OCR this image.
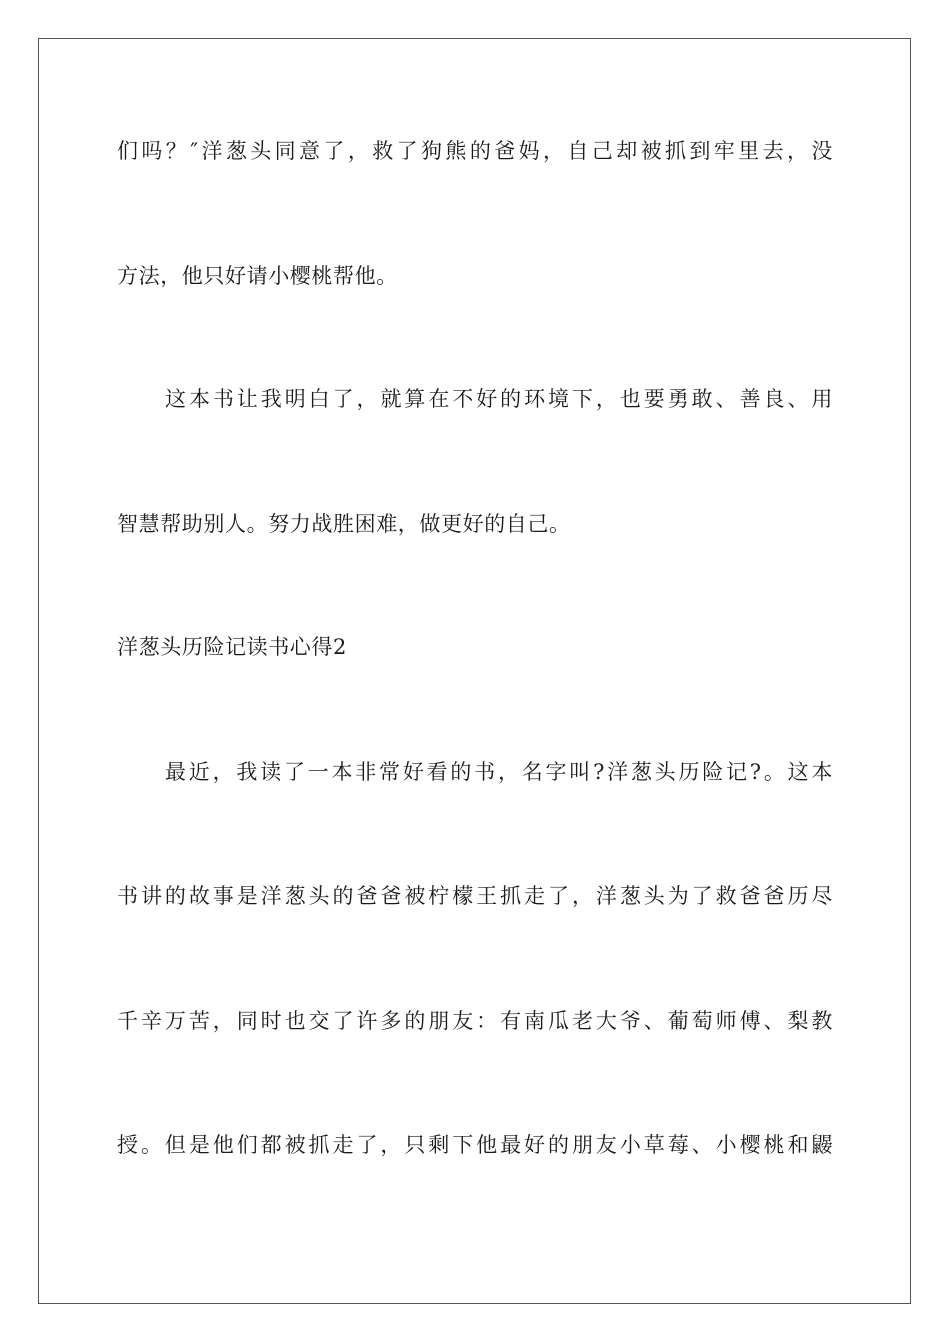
们吗？″洋葱头同意了，救了狗熊的爸妈，自己却被抓到牢里去，没
方法，他只好请小樱桃帮他。
这本书让我明白了，就算在不好的环境下，也要勇敢、善良、用
智慧帮助别人。努力战胜困难，做更好的自己。
洋葱头历险记读书心得2
最近，我读了一本非常好看的书，名字叫?洋葱头历险记?。这本
书讲的故事是洋葱头的爸爸被柠檬王抓走了，洋葱头为了救爸爸历尽
千辛万苦，同时也交了许多的朋友：有南瓜老大爷、葡萄师傅、梨教
授。但是他们都被抓走了，只剩下他最好的朋友小草莓、小樱桃和鼹
